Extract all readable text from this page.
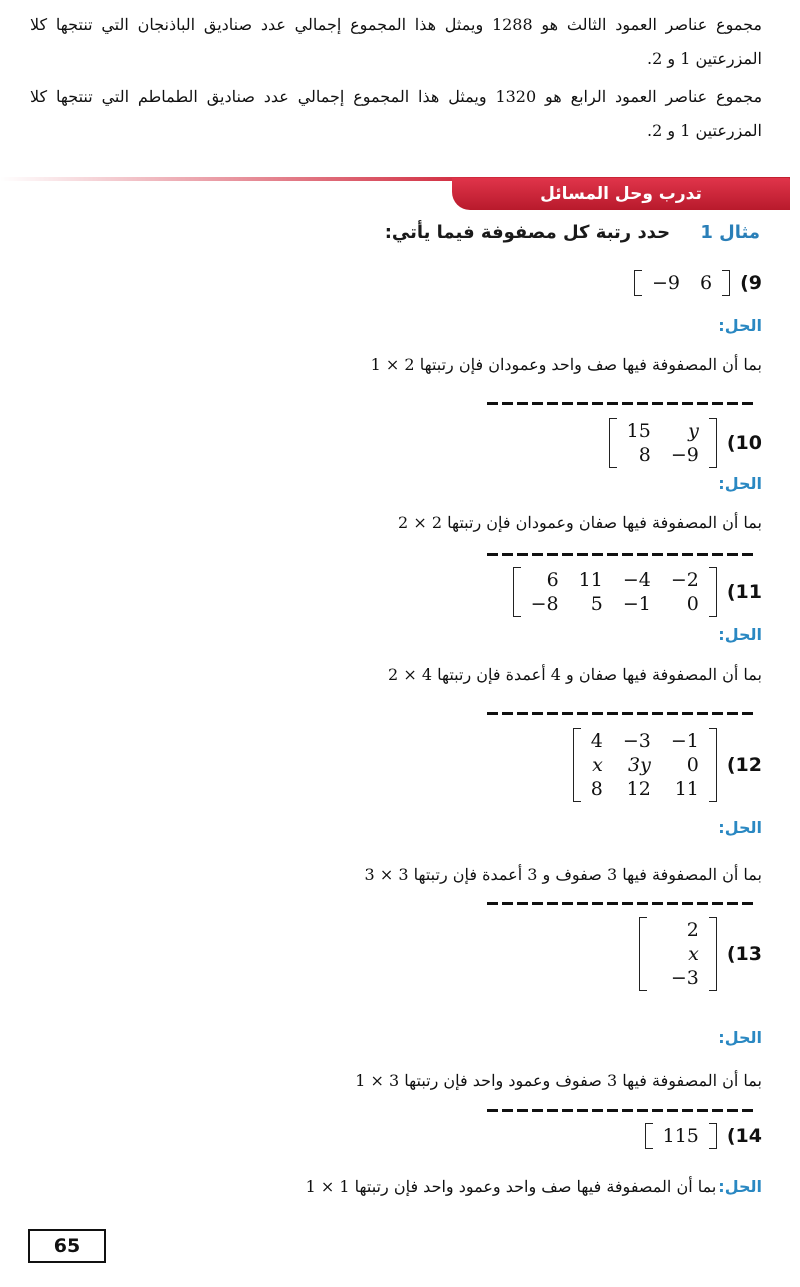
مجموع عناصر العمود الثالث هو 1288 ويمثل هذا المجموع إجمالي عدد صناديق الباذنجان التي تنتجها كلا المزرعتين 1 و 2.

مجموع عناصر العمود الرابع هو 1320 ويمثل هذا المجموع إجمالي عدد صناديق الطماطم التي تنتجها كلا المزرعتين 1 و 2.

تدرب وحل المسائل
مثال 1 حدد رتبة كل مصفوفة فيما يأتي:
−9 6 (9
الحل:
بما أن المصفوفة فيها صف واحد وعمودان فإن رتبتها 2 × 1
15	y
8 −9
(10
الحل:
بما أن المصفوفة فيها صفان وعمودان فإن رتبتها 2 × 2
6 11 −4 −2
−8	5 −1	0
(11
الحل:
بما أن المصفوفة فيها صفان و 4 أعمدة فإن رتبتها 4 × 2
4 −3 −1
x 3y	0
8 12 11
(12
الحل:
بما أن المصفوفة فيها 3 صفوف و 3 أعمدة فإن رتبتها 3 × 3
2
x
−3
(13
الحل:
بما أن المصفوفة فيها 3 صفوف وعمود واحد فإن رتبتها 3 × 1
115 (14
الحل:
بما أن المصفوفة فيها صف واحد وعمود واحد فإن رتبتها 1 × 1
65
